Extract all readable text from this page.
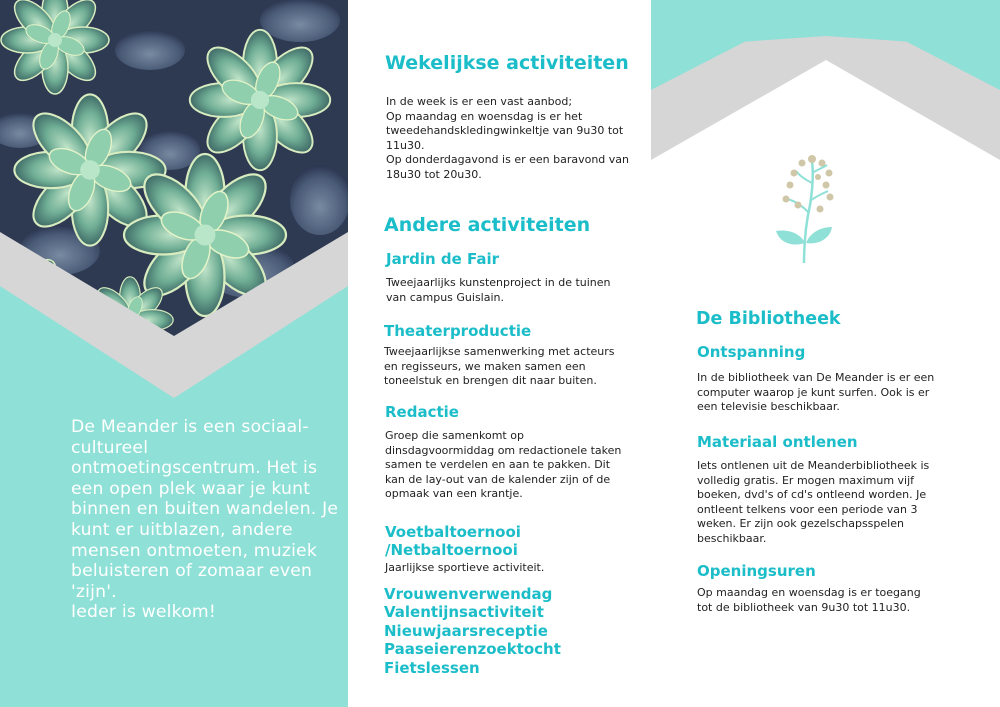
De Meander is een sociaal-cultureel ontmoetingscentrum. Het is een open plek waar je kunt binnen en buiten wandelen. Je kunt er uitblazen, andere mensen ontmoeten, muziek beluisteren of zomaar even 'zijn'.
Ieder is welkom!
Wekelijkse activiteiten
In de week is er een vast aanbod;
Op maandag en woensdag is er het tweedehandskledingwinkeltje van 9u30 tot 11u30.
Op donderdagavond is er een baravond van 18u30 tot 20u30.
Andere activiteiten
Jardin de Fair
Tweejaarlijks kunstenproject in de tuinen van campus Guislain.
Theaterproductie
Tweejaarlijkse samenwerking met acteurs en regisseurs, we maken samen een toneelstuk en brengen dit naar buiten.
Redactie
Groep die samenkomt op dinsdagvoormiddag om redactionele taken samen te verdelen en aan te pakken. Dit kan de lay-out van de kalender zijn of de opmaak van een krantje.
Voetbaltoernooi
/Netbaltoernooi
Jaarlijkse sportieve activiteit.
Vrouwenverwendag
Valentijnsactiviteit
Nieuwjaarsreceptie
Paaseierenzoektocht
Fietslessen
De Bibliotheek
Ontspanning
In de bibliotheek van De Meander is er een computer waarop je kunt surfen. Ook is er een televisie beschikbaar.
Materiaal ontlenen
Iets ontlenen uit de Meanderbibliotheek is volledig gratis. Er mogen maximum vijf boeken, dvd's of cd's ontleend worden. Je ontleent telkens voor een periode van 3 weken. Er zijn ook gezelschapsspelen beschikbaar.
Openingsuren
Op maandag en woensdag is er toegang tot de bibliotheek van 9u30 tot 11u30.
